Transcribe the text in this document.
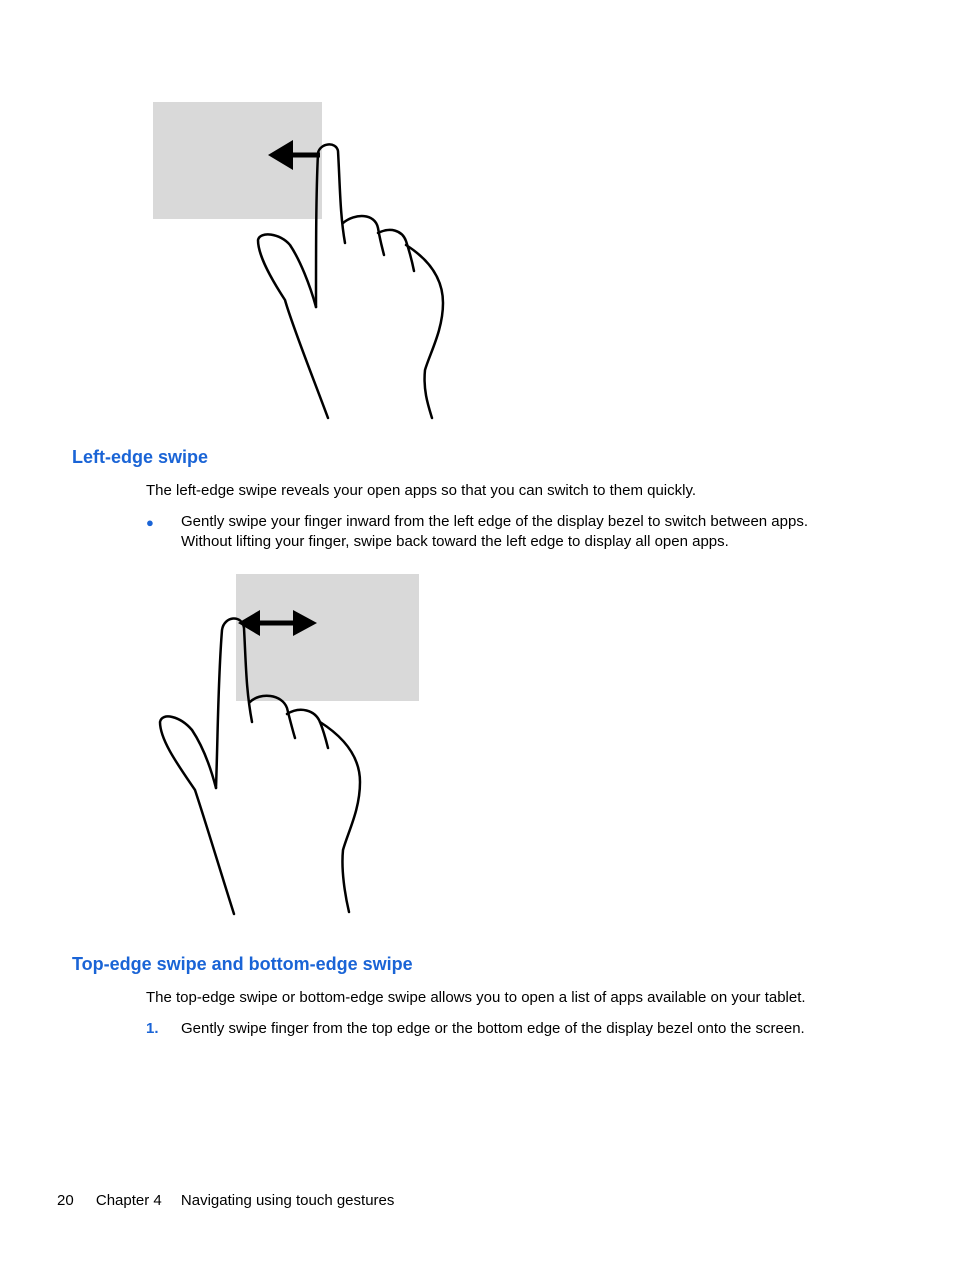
Left-edge swipe

The left-edge swipe reveals your open apps so that you can switch to them quickly.

● Gently swipe your finger inward from the left edge of the display bezel to switch between apps.
Without lifting your finger, swipe back toward the left edge to display all open apps.
Top-edge swipe and bottom-edge swipe

The top-edge swipe or bottom-edge swipe allows you to open a list of apps available on your tablet.

1. Gently swipe finger from the top edge or the bottom edge of the display bezel onto the screen.
20 Chapter 4 Navigating using touch gestures
